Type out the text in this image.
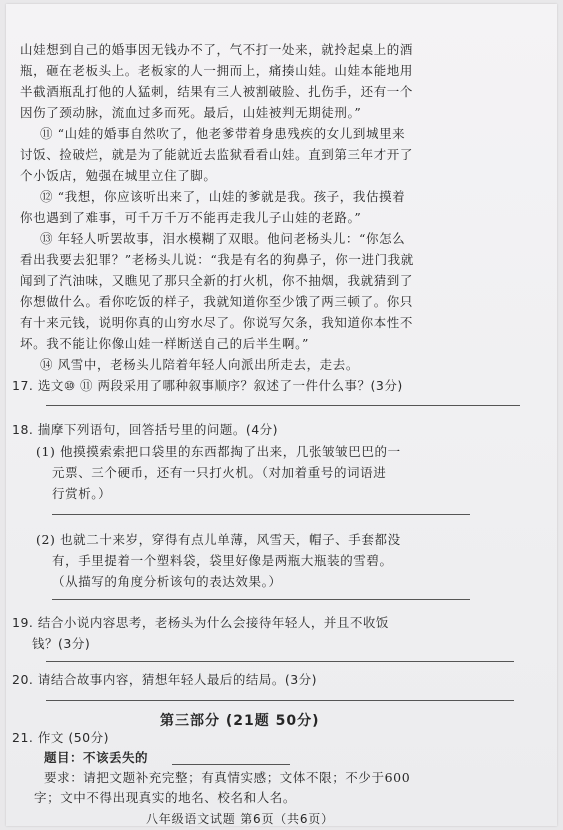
山娃想到自己的婚事因无钱办不了，气不打一处来，就拎起桌上的酒
瓶，砸在老板头上。老板家的人一拥而上，痛揍山娃。山娃本能地用
半截酒瓶乱打他的人猛刺，结果有三人被割破脸、扎伤手，还有一个
因伤了颈动脉，流血过多而死。最后，山娃被判无期徒刑。”
⑪ “山娃的婚事自然吹了，他老爹带着身患残疾的女儿到城里来
讨饭、捡破烂，就是为了能就近去监狱看看山娃。直到第三年才开了
个小饭店，勉强在城里立住了脚。
⑫ “我想，你应该听出来了，山娃的爹就是我。孩子，我估摸着
你也遇到了难事，可千万千万不能再走我儿子山娃的老路。”
⑬ 年轻人听罢故事，泪水模糊了双眼。他问老杨头儿：“你怎么
看出我要去犯罪？”老杨头儿说：“我是有名的狗鼻子，你一进门我就
闻到了汽油味，又瞧见了那只全新的打火机，你不抽烟，我就猜到了
你想做什么。看你吃饭的样子，我就知道你至少饿了两三顿了。你只
有十来元钱，说明你真的山穷水尽了。你说写欠条，我知道你本性不
坏。我不能让你像山娃一样断送自己的后半生啊。”
⑭ 风雪中，老杨头儿陪着年轻人向派出所走去，走去。
17. 选文⑩ ⑪ 两段采用了哪种叙事顺序？叙述了一件什么事？(3分)
18. 揣摩下列语句，回答括号里的问题。(4分)
(1) 他摸摸索索把口袋里的东西都掏了出来，几张皱皱巴巴的一
元票、三个硬币，还有一只打火机。（对加着重号的词语进
行赏析。）
(2) 也就二十来岁，穿得有点儿单薄，风雪天，帽子、手套都没
有，手里提着一个塑料袋，袋里好像是两瓶大瓶装的雪碧。
（从描写的角度分析该句的表达效果。）
19. 结合小说内容思考，老杨头为什么会接待年轻人，并且不收饭
钱？(3分)
20. 请结合故事内容，猜想年轻人最后的结局。(3分)
第三部分 (21题 50分)
21. 作文 (50分)
题目：不该丢失的
要求：请把文题补充完整；有真情实感；文体不限；不少于600
字；文中不得出现真实的地名、校名和人名。
八年级语文试题 第6页（共6页）
